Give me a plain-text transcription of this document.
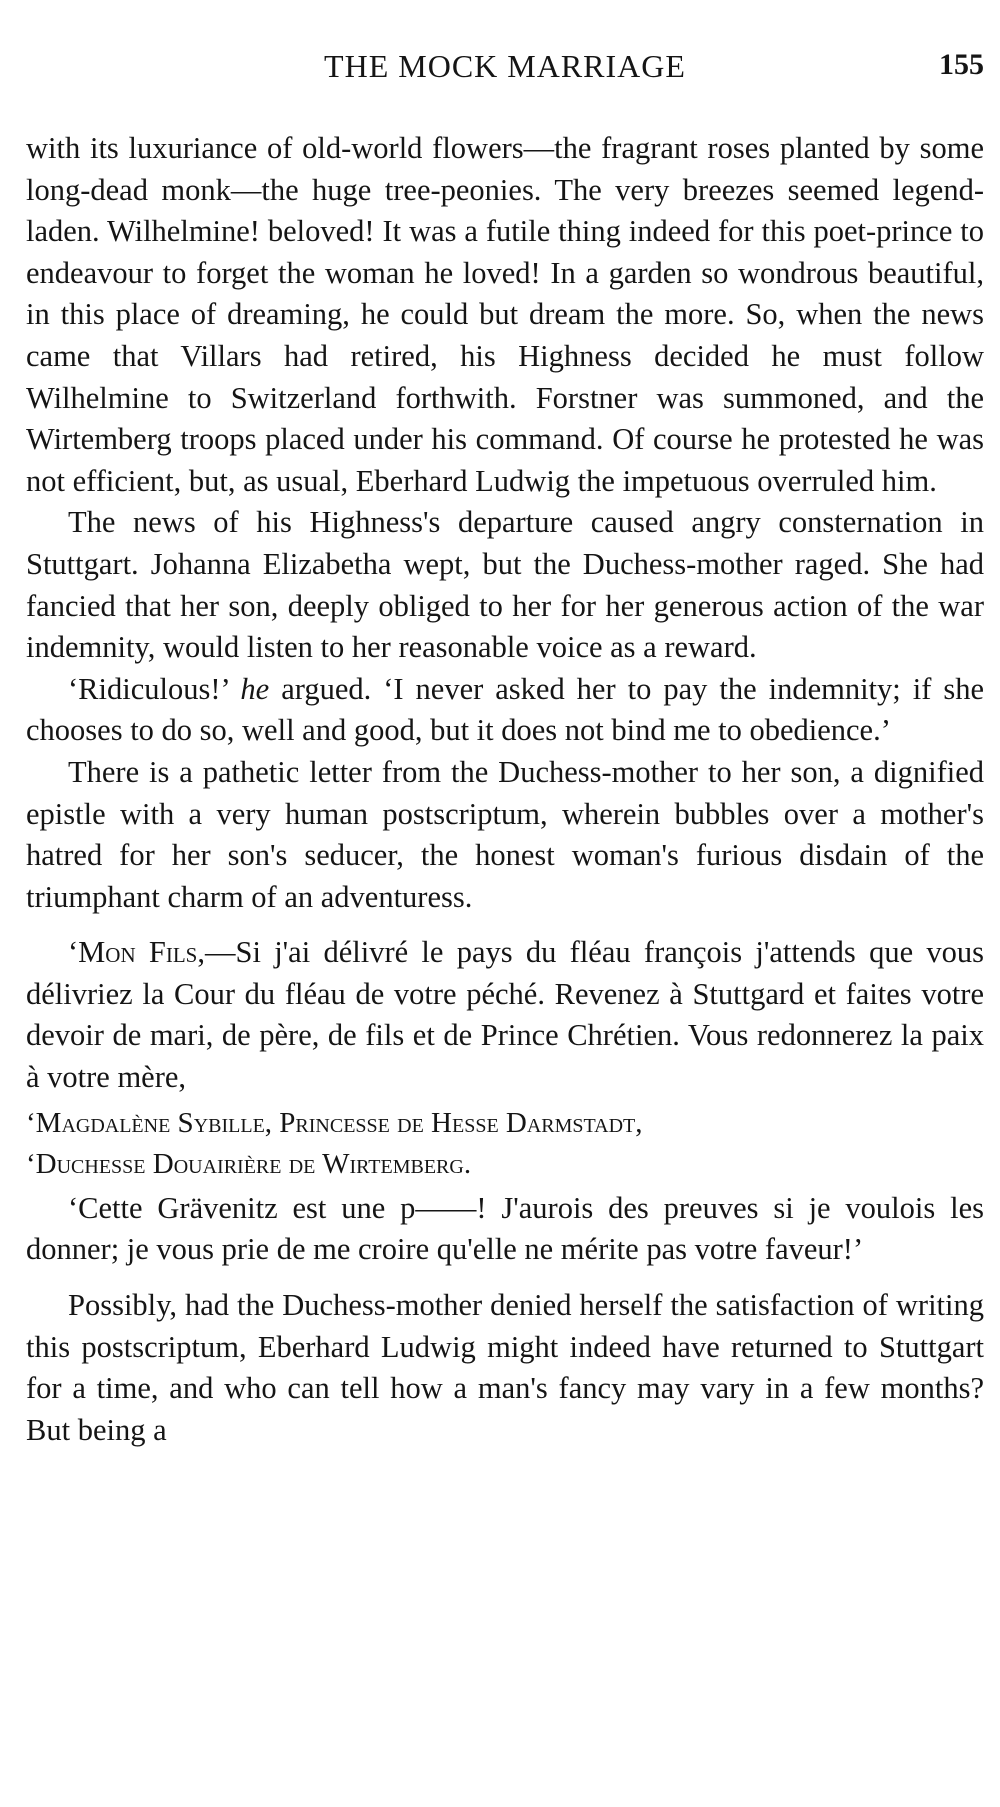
THE MOCK MARRIAGE	155

with its luxuriance of old-world flowers—the fragrant roses planted by some long-dead monk—the huge tree-peonies. The very breezes seemed legend-laden. Wilhelmine! beloved! It was a futile thing indeed for this poet-prince to endeavour to forget the woman he loved! In a garden so wondrous beautiful, in this place of dreaming, he could but dream the more. So, when the news came that Villars had retired, his Highness decided he must follow Wilhelmine to Switzerland forthwith. Forstner was summoned, and the Wirtemberg troops placed under his command. Of course he protested he was not efficient, but, as usual, Eberhard Ludwig the impetuous overruled him.

The news of his Highness's departure caused angry consternation in Stuttgart. Johanna Elizabetha wept, but the Duchess-mother raged. She had fancied that her son, deeply obliged to her for her generous action of the war indemnity, would listen to her reasonable voice as a reward.

‘Ridiculous!’ he argued. ‘I never asked her to pay the indemnity; if she chooses to do so, well and good, but it does not bind me to obedience.’

There is a pathetic letter from the Duchess-mother to her son, a dignified epistle with a very human postscriptum, wherein bubbles over a mother's hatred for her son's seducer, the honest woman's furious disdain of the triumphant charm of an adventuress.

‘Mon Fils,—Si j'ai délivré le pays du fléau françois j'attends que vous délivriez la Cour du fléau de votre péché. Revenez à Stuttgard et faites votre devoir de mari, de père, de fils et de Prince Chrétien. Vous redonnerez la paix à votre mère,

‘Magdalène Sybille, Princesse de Hesse Darmstadt,

‘Duchesse Douairière de Wirtemberg.

‘Cette Grävenitz est une p——! J'aurois des preuves si je voulois les donner; je vous prie de me croire qu'elle ne mérite pas votre faveur!’

Possibly, had the Duchess-mother denied herself the satisfaction of writing this postscriptum, Eberhard Ludwig might indeed have returned to Stuttgart for a time, and who can tell how a man's fancy may vary in a few months? But being a
